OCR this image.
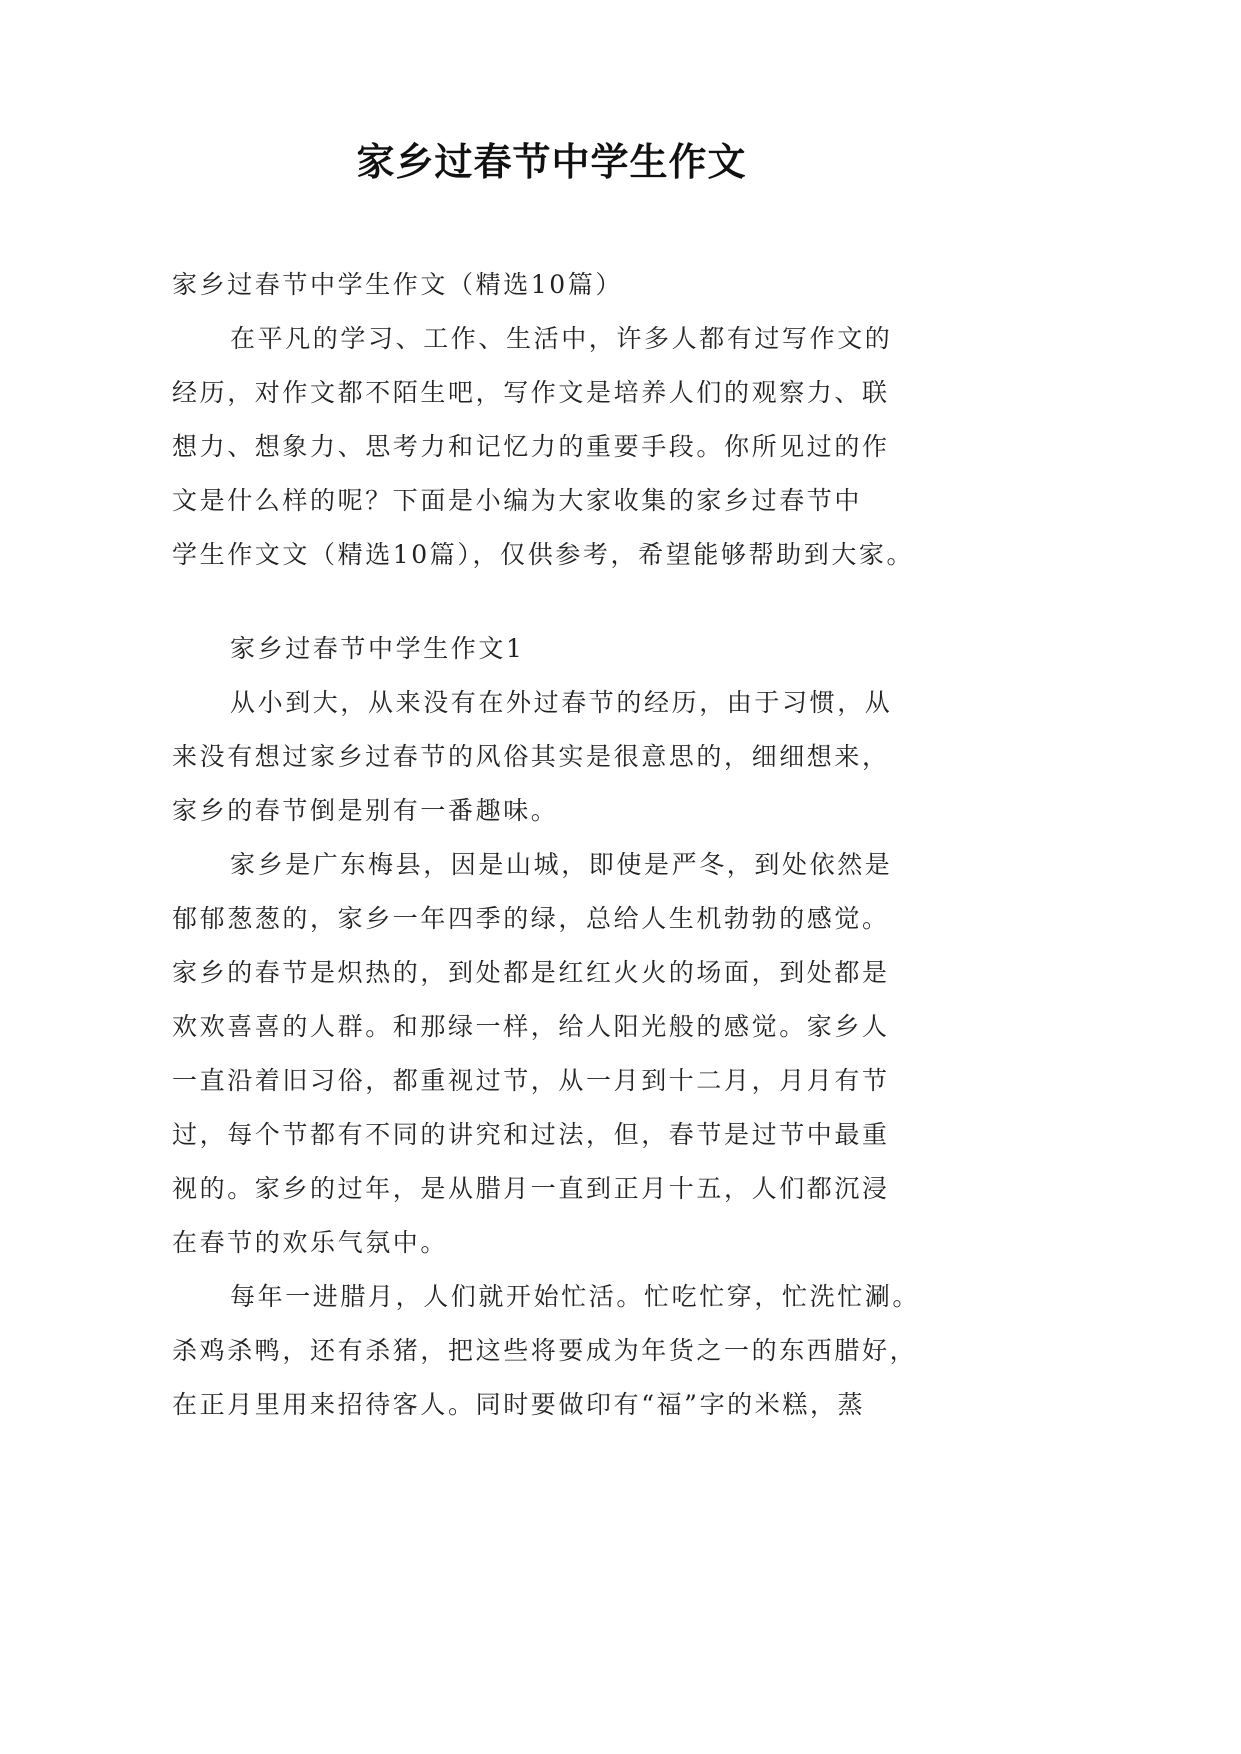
家乡过春节中学生作文

家乡过春节中学生作文（精选10篇）

在平凡的学习、工作、生活中，许多人都有过写作文的

经历，对作文都不陌生吧，写作文是培养人们的观察力、联

想力、想象力、思考力和记忆力的重要手段。你所见过的作

文是什么样的呢？下面是小编为大家收集的家乡过春节中

学生作文文（精选10篇），仅供参考，希望能够帮助到大家。

家乡过春节中学生作文1

从小到大，从来没有在外过春节的经历，由于习惯，从

来没有想过家乡过春节的风俗其实是很意思的，细细想来，

家乡的春节倒是别有一番趣味。

家乡是广东梅县，因是山城，即使是严冬，到处依然是

郁郁葱葱的，家乡一年四季的绿，总给人生机勃勃的感觉。

家乡的春节是炽热的，到处都是红红火火的场面，到处都是

欢欢喜喜的人群。和那绿一样，给人阳光般的感觉。家乡人

一直沿着旧习俗，都重视过节，从一月到十二月，月月有节

过，每个节都有不同的讲究和过法，但，春节是过节中最重

视的。家乡的过年，是从腊月一直到正月十五，人们都沉浸

在春节的欢乐气氛中。

每年一进腊月，人们就开始忙活。忙吃忙穿，忙洗忙涮。

杀鸡杀鸭，还有杀猪，把这些将要成为年货之一的东西腊好，

在正月里用来招待客人。同时要做印有“福”字的米糕，蒸
